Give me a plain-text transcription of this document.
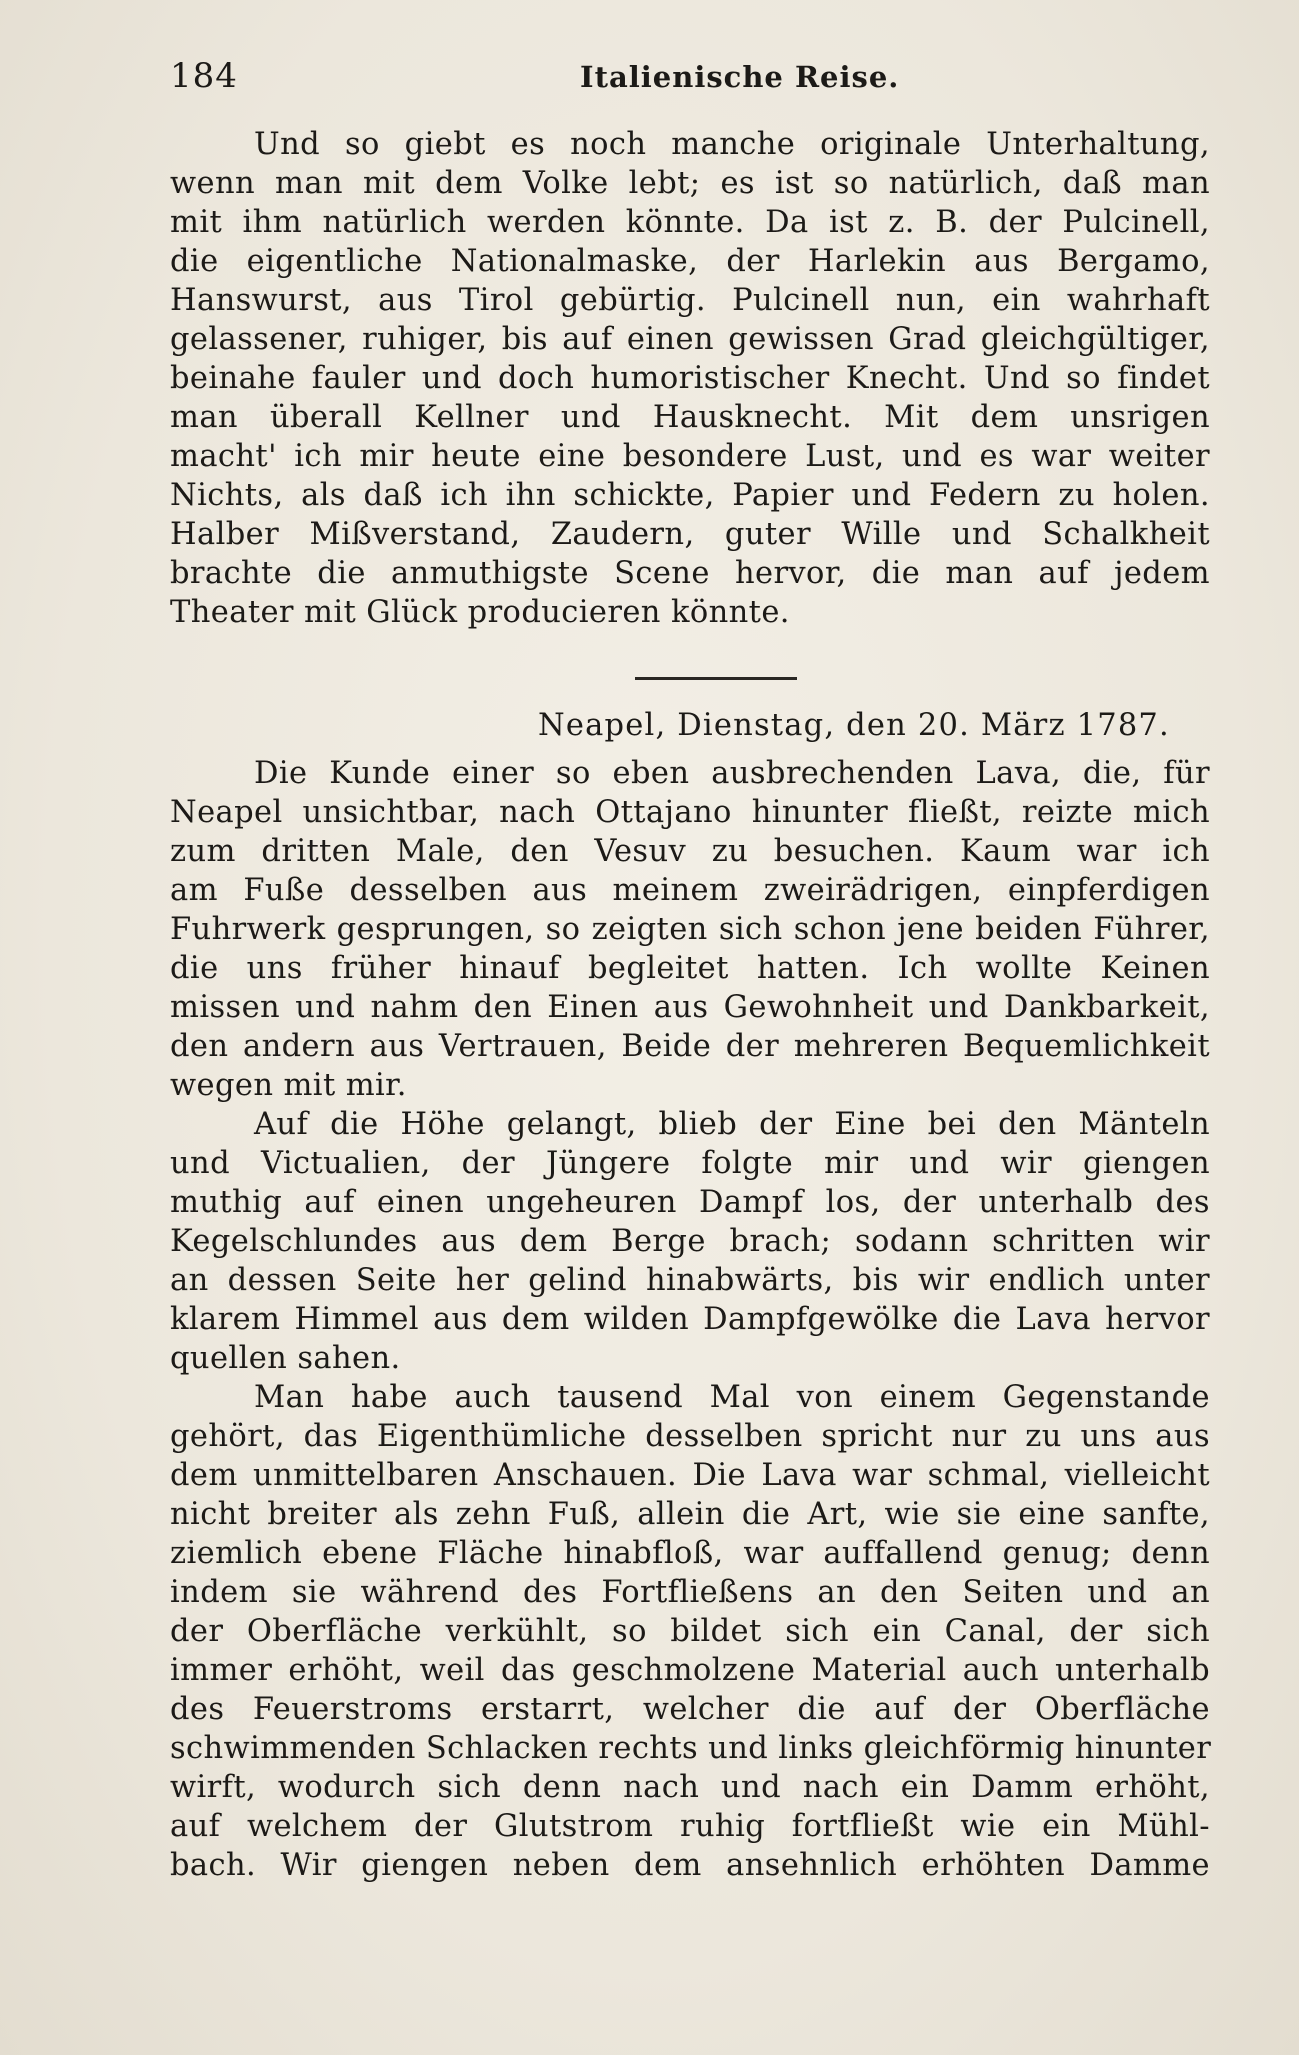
184	Italienische Reise.
Und so giebt es noch manche originale Unterhaltung,
wenn man mit dem Volke lebt; es ist so natürlich, daß man
mit ihm natürlich werden könnte. Da ist z. B. der Pulcinell,
die eigentliche Nationalmaske, der Harlekin aus Bergamo,
Hanswurst, aus Tirol gebürtig. Pulcinell nun, ein wahrhaft
gelassener, ruhiger, bis auf einen gewissen Grad gleichgültiger,
beinahe fauler und doch humoristischer Knecht. Und so findet
man überall Kellner und Hausknecht. Mit dem unsrigen
macht' ich mir heute eine besondere Lust, und es war weiter
Nichts, als daß ich ihn schickte, Papier und Federn zu holen.
Halber Mißverstand, Zaudern, guter Wille und Schalkheit
brachte die anmuthigste Scene hervor, die man auf jedem
Theater mit Glück producieren könnte.
Neapel, Dienstag, den 20. März 1787.
Die Kunde einer so eben ausbrechenden Lava, die, für
Neapel unsichtbar, nach Ottajano hinunter fließt, reizte mich
zum dritten Male, den Vesuv zu besuchen. Kaum war ich
am Fuße desselben aus meinem zweirädrigen, einpferdigen
Fuhrwerk gesprungen, so zeigten sich schon jene beiden Führer,
die uns früher hinauf begleitet hatten. Ich wollte Keinen
missen und nahm den Einen aus Gewohnheit und Dankbarkeit,
den andern aus Vertrauen, Beide der mehreren Bequemlichkeit
wegen mit mir.
Auf die Höhe gelangt, blieb der Eine bei den Mänteln
und Victualien, der Jüngere folgte mir und wir giengen
muthig auf einen ungeheuren Dampf los, der unterhalb des
Kegelschlundes aus dem Berge brach; sodann schritten wir
an dessen Seite her gelind hinabwärts, bis wir endlich unter
klarem Himmel aus dem wilden Dampfgewölke die Lava hervor
quellen sahen.
Man habe auch tausend Mal von einem Gegenstande
gehört, das Eigenthümliche desselben spricht nur zu uns aus
dem unmittelbaren Anschauen. Die Lava war schmal, vielleicht
nicht breiter als zehn Fuß, allein die Art, wie sie eine sanfte,
ziemlich ebene Fläche hinabfloß, war auffallend genug; denn
indem sie während des Fortfließens an den Seiten und an
der Oberfläche verkühlt, so bildet sich ein Canal, der sich
immer erhöht, weil das geschmolzene Material auch unterhalb
des Feuerstroms erstarrt, welcher die auf der Oberfläche
schwimmenden Schlacken rechts und links gleichförmig hinunter
wirft, wodurch sich denn nach und nach ein Damm erhöht,
auf welchem der Glutstrom ruhig fortfließt wie ein Mühl-
bach. Wir giengen neben dem ansehnlich erhöhten Damme
